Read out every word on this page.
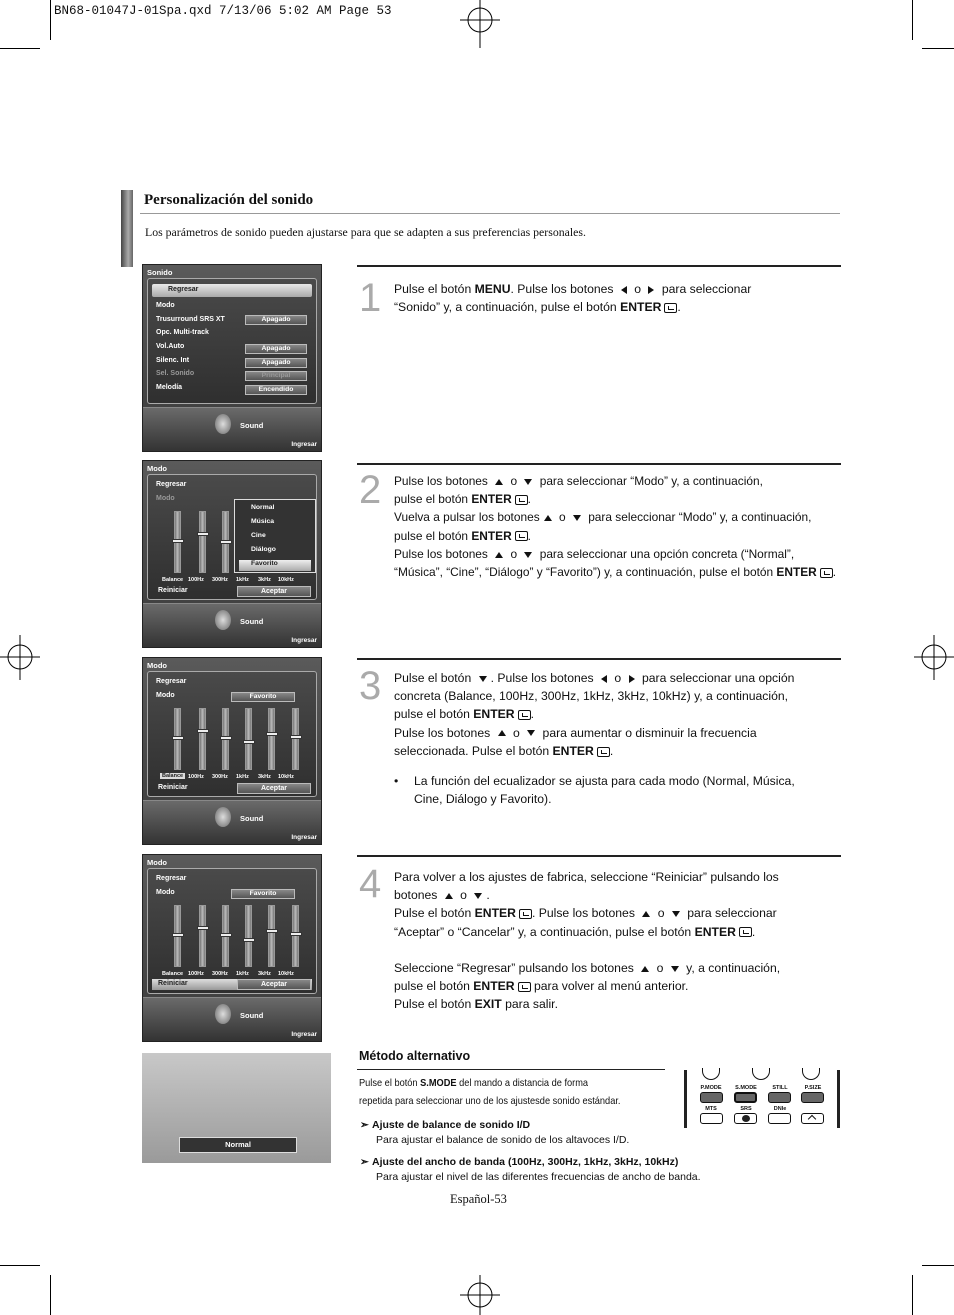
BN68-01047J-01Spa.qxd 7/13/06 5:02 AM Page 53
Personalización del sonido
Los parámetros de sonido pueden ajustarse para que se adapten a sus preferencias personales.
1 Pulse el botón MENU. Pulse los botones  o  para seleccionar
“Sonido” y, a continuación, pulse el botón ENTER .
2 Pulse los botones  o  para seleccionar “Modo” y, a continuación,
pulse el botón ENTER .
Vuelva a pulsar los botones o  para seleccionar “Modo” y, a continuación,
pulse el botón ENTER .
Pulse los botones  o  para seleccionar una opción concreta (“Normal”,
“Música”, “Cine”, “Diálogo” y “Favorito”) y, a continuación, pulse el botón ENTER .
3 Pulse el botón . Pulse los botones  o  para seleccionar una opción
concreta (Balance, 100Hz, 300Hz, 1kHz, 3kHz, 10kHz) y, a continuación,
pulse el botón ENTER .
Pulse los botones  o  para aumentar o disminuir la frecuencia
seleccionada. Pulse el botón ENTER .
• La función del ecualizador se ajusta para cada modo (Normal, Música,
Cine, Diálogo y Favorito).
4 Para volver a los ajustes de fabrica, seleccione “Reiniciar” pulsando los
botones  o .
Pulse el botón ENTER . Pulse los botones  o  para seleccionar
“Aceptar” o “Cancelar” y, a continuación, pulse el botón ENTER .
Seleccione “Regresar” pulsando los botones  o  y, a continuación,
pulse el botón ENTER para volver al menú anterior.
Pulse el botón EXIT para salir.
Sonido
Regresar
Modo
Trusurround SRS XT	Apagado
Opc. Multi-track
Vol.Auto	Apagado
Silenc. Int	Apagado
Sel. Sonido	Principal
Melodía	Encendido
Sound
Ingresar
Modo
Regresar
Modo
Balance 100Hz 300Hz 1kHz 3kHz 10kHz
Reiniciar	Aceptar
Normal
Música
Cine
Diálogo
Favorito
Sound
Ingresar
Modo
Regresar
Modo	Favorito
Balance 100Hz 300Hz 1kHz 3kHz 10kHz
Reiniciar	Aceptar
Sound
Ingresar
Modo
Regresar
Modo	Favorito
Balance 100Hz 300Hz 1kHz 3kHz 10kHz
Reiniciar	Aceptar
Sound
Ingresar
Normal
Método alternativo
Pulse el botón S.MODE del mando a distancia de forma
repetida para seleccionar uno de los ajustesde sonido estándar.
➣ Ajuste de balance de sonido I/D
Para ajustar el balance de sonido de los altavoces I/D.
➣ Ajuste del ancho de banda (100Hz, 300Hz, 1kHz, 3kHz, 10kHz)
Para ajustar el nivel de las diferentes frecuencias de ancho de banda.
P.MODE	S.MODE	STILL	P.SIZE
MTS	SRS	DNIe
Español-53
